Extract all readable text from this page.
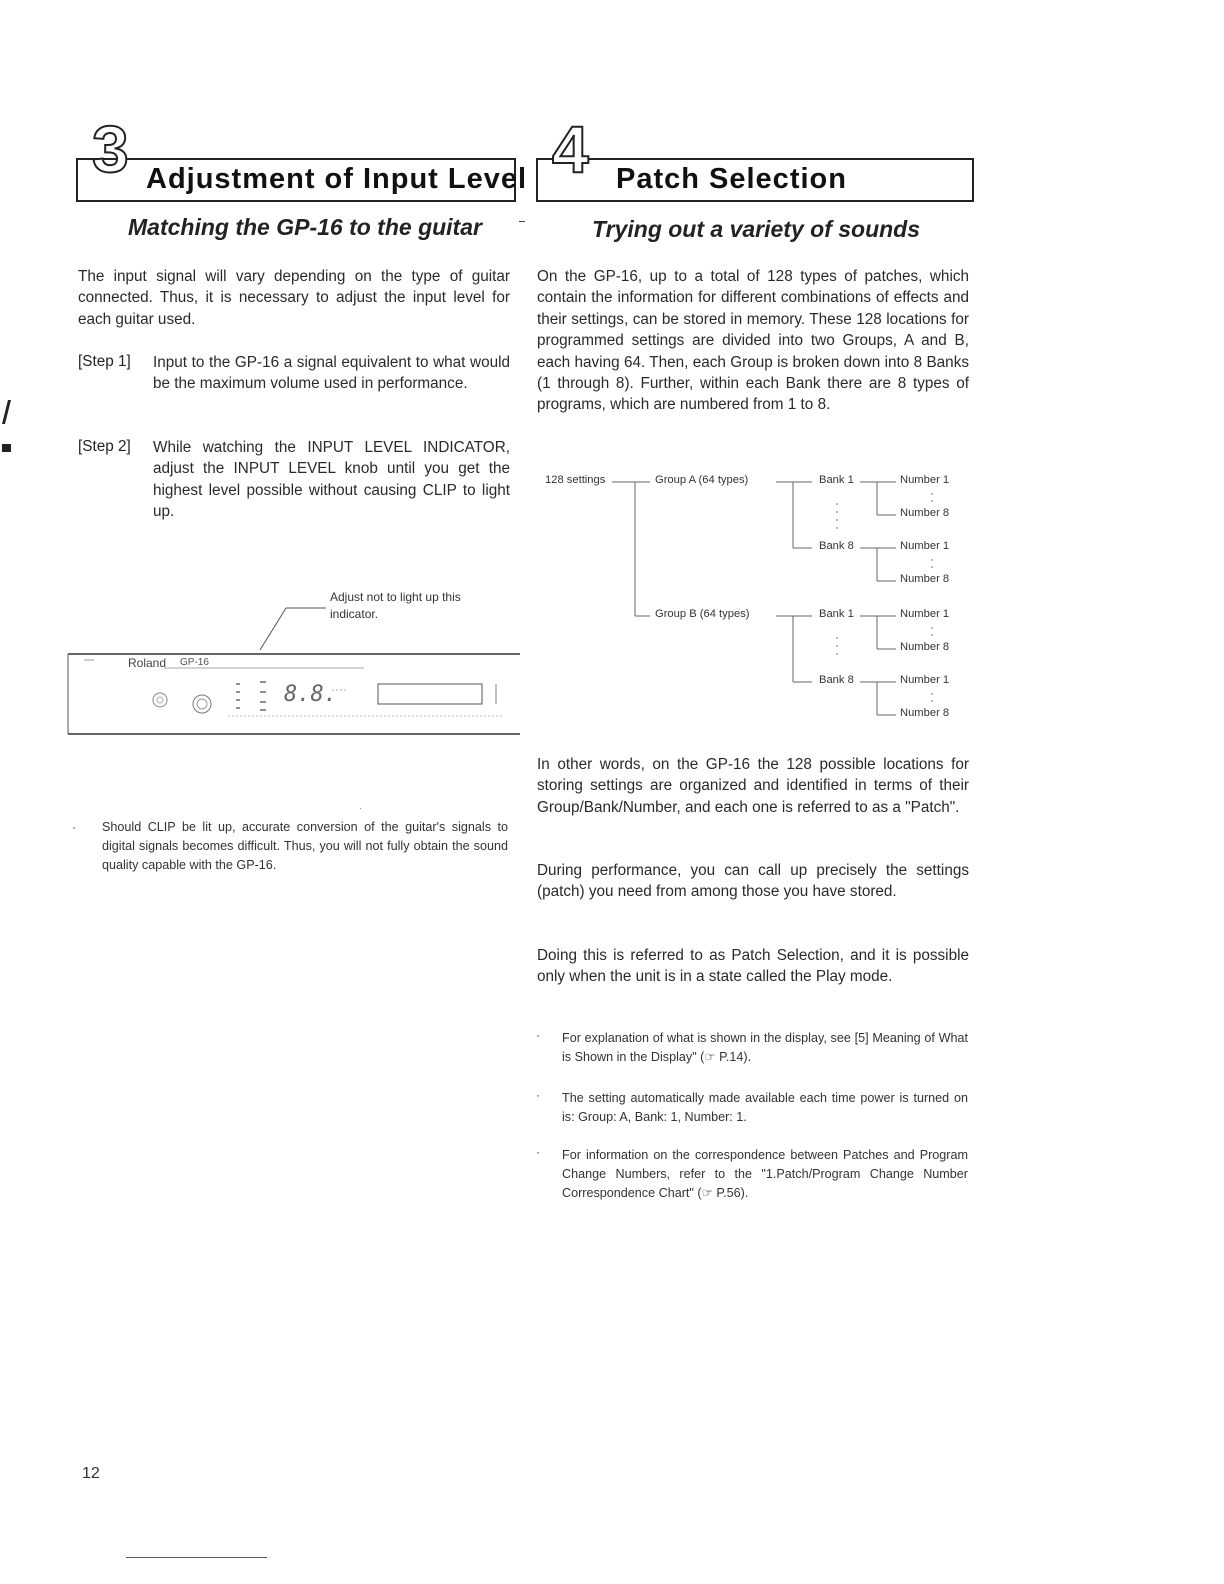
3 Adjustment of Input Level
Matching the GP-16 to the guitar
4 Patch Selection
Trying out a variety of sounds
The input signal will vary depending on the type of guitar connected. Thus, it is necessary to adjust the input level for each guitar used.
[Step 1] Input to the GP-16 a signal equivalent to what would be the maximum volume used in performance.
[Step 2] While watching the INPUT LEVEL INDICATOR, adjust the INPUT LEVEL knob until you get the highest level possible without causing CLIP to light up.
Adjust not to light up this indicator.
Roland GP-16
8.8.
· Should CLIP be lit up, accurate conversion of the guitar's signals to digital signals becomes difficult. Thus, you will not fully obtain the sound quality capable with the GP-16.
On the GP-16, up to a total of 128 types of patches, which contain the information for different combinations of effects and their settings, can be stored in memory. These 128 locations for programmed settings are divided into two Groups, A and B, each having 64. Then, each Group is broken down into 8 Banks (1 through 8). Further, within each Bank there are 8 types of programs, which are numbered from 1 to 8.
128 settings	Group A (64 types)
Group B (64 types)
Bank 1
Bank 8
Bank 1
Bank 8
Number 1
Number 8
Number 1
Number 8
Number 1
Number 8
Number 1
Number 8
In other words, on the GP-16 the 128 possible locations for storing settings are organized and identified in terms of their Group/Bank/Number, and each one is referred to as a "Patch".
During performance, you can call up precisely the settings (patch) you need from among those you have stored.
Doing this is referred to as Patch Selection, and it is possible only when the unit is in a state called the Play mode.
· For explanation of what is shown in the display, see [5] Meaning of What is Shown in the Display" (☞ P.14).
· The setting automatically made available each time power is turned on is: Group: A, Bank: 1, Number: 1.
· For information on the correspondence between Patches and Program Change Numbers, refer to the "1.Patch/Program Change Number Correspondence Chart" (☞ P.56).
12
